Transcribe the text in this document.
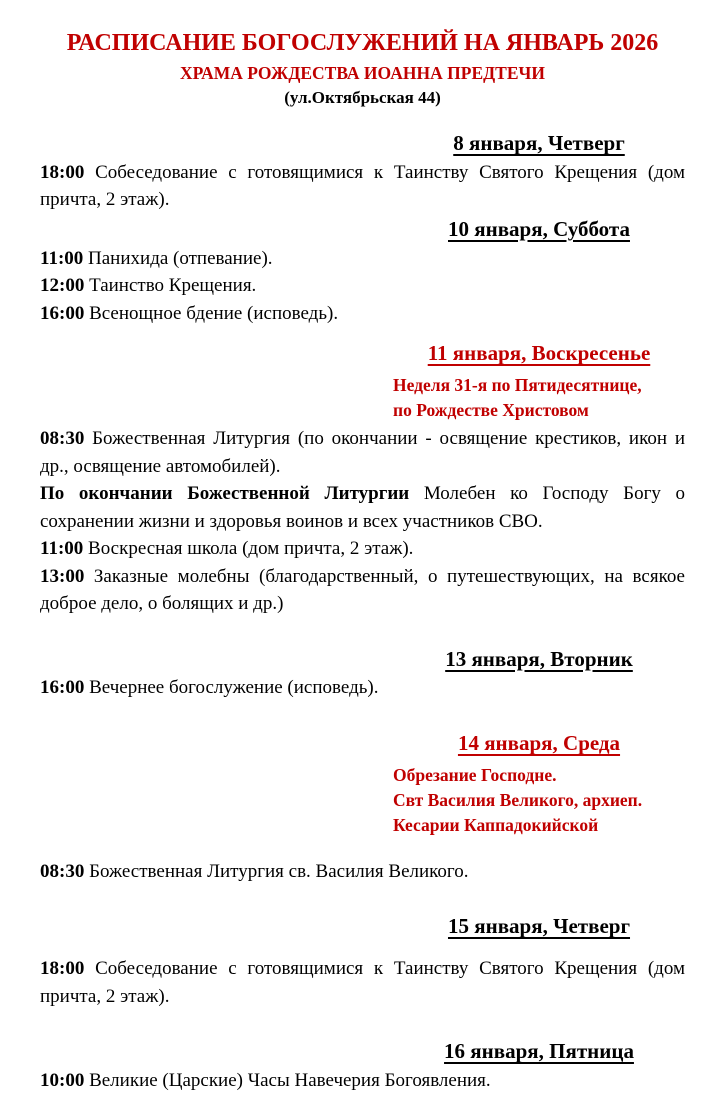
РАСПИСАНИЕ БОГОСЛУЖЕНИЙ НА ЯНВАРЬ 2026
ХРАМА РОЖДЕСТВА ИОАННА ПРЕДТЕЧИ
(ул.Октябрьская 44)
8 января, Четверг

18:00 Собеседование с готовящимися к Таинству Святого Крещения (дом причта, 2 этаж).

10 января, Суббота

11:00 Панихида (отпевание).

12:00 Таинство Крещения.

16:00 Всенощное бдение (исповедь).

11 января, Воскресенье
Неделя 31-я по Пятидесятнице,
по Рождестве Христовом

08:30 Божественная Литургия (по окончании - освящение крестиков, икон и др., освящение автомобилей).

По окончании Божественной Литургии Молебен ко Господу Богу о сохранении жизни и здоровья воинов и всех участников СВО.

11:00 Воскресная школа (дом причта, 2 этаж).

13:00 Заказные молебны (благодарственный, о путешествующих, на всякое доброе дело, о болящих и др.)

13 января, Вторник

16:00 Вечернее богослужение (исповедь).

14 января, Среда
Обрезание Господне.
Свт Василия Великого, архиеп.
Кесарии Каппадокийской

08:30 Божественная Литургия св. Василия Великого.

15 января, Четверг

18:00 Собеседование с готовящимися к Таинству Святого Крещения (дом причта, 2 этаж).

16 января, Пятница

10:00 Великие (Царские) Часы Навечерия Богоявления.
